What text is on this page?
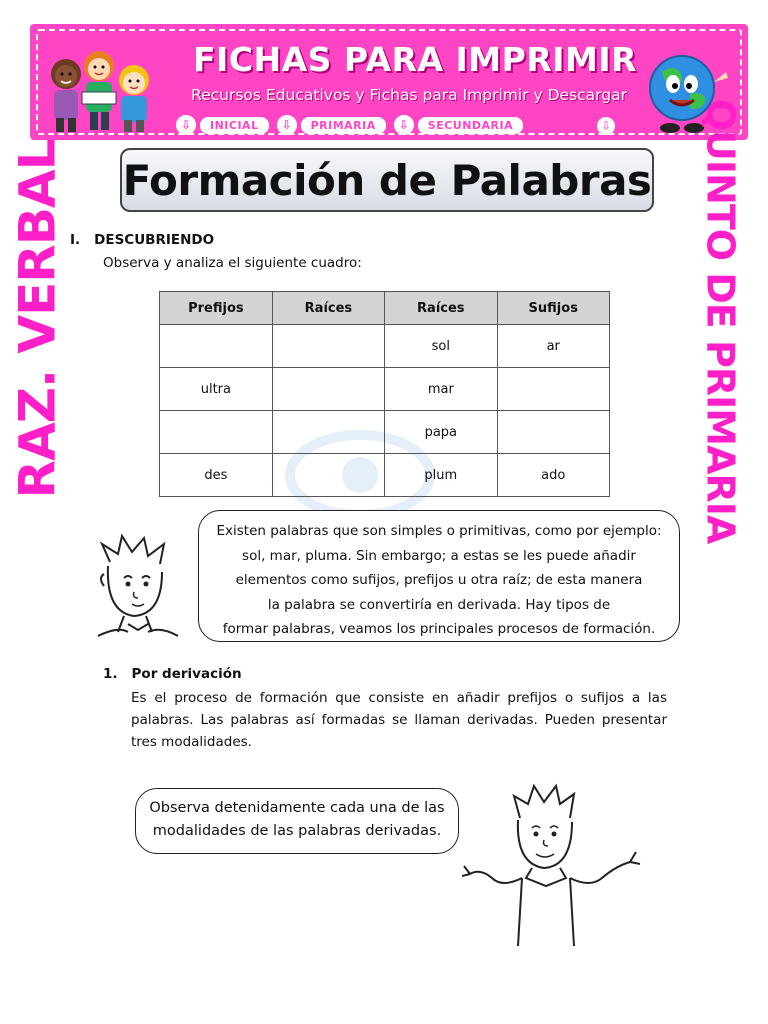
FICHAS PARA IMPRIMIR
Recursos Educativos y Fichas para Imprimir y Descargar
⇩	INICIAL	⇩	PRIMARIA	⇩	SECUNDARIA	⇩
RAZ. VERBAL	QUINTO DE PRIMARIA
Formación de Palabras
I. DESCUBRIENDO
Observa y analiza el siguiente cuadro:
Prefijos	Raíces	Raíces	Sufijos
		sol	ar
ultra		mar	
		papa	
des		plum	ado

Existen palabras que son simples o primitivas, como por ejemplo:

sol, mar, pluma. Sin embargo; a estas se les puede añadir

elementos como sufijos, prefijos u otra raíz; de esta manera

la palabra se convertiría en derivada. Hay tipos de

formar palabras, veamos los principales procesos de formación.

1. Por derivación

Es el proceso de formación que consiste en añadir prefijos o sufijos a las palabras. Las palabras así formadas se llaman derivadas. Pueden presentar tres modalidades.

Observa detenidamente cada una de las

modalidades de las palabras derivadas.
